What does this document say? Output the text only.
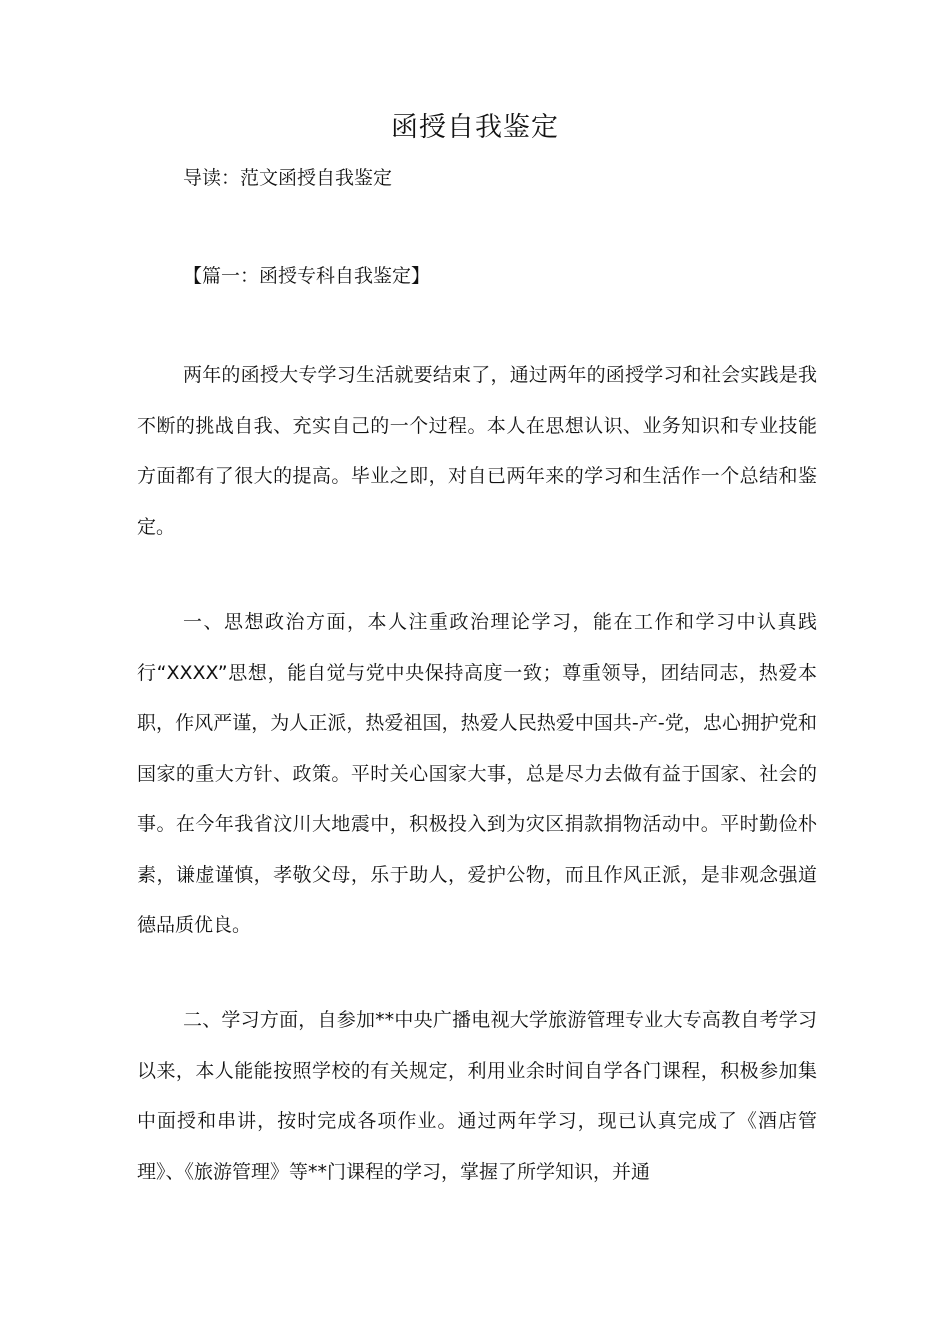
函授自我鉴定
导读：范文函授自我鉴定
【篇一：函授专科自我鉴定】

两年的函授大专学习生活就要结束了，通过两年的函授学习和社会实践是我不断的挑战自我、充实自己的一个过程。本人在思想认识、业务知识和专业技能方面都有了很大的提高。毕业之即，对自已两年来的学习和生活作一个总结和鉴定。

一、思想政治方面，本人注重政治理论学习，能在工作和学习中认真践行“XXXX”思想，能自觉与党中央保持高度一致；尊重领导，团结同志，热爱本职，作风严谨，为人正派，热爱祖国，热爱人民热爱中国共-产-党，忠心拥护党和国家的重大方针、政策。平时关心国家大事，总是尽力去做有益于国家、社会的事。在今年我省汶川大地震中，积极投入到为灾区捐款捐物活动中。平时勤俭朴素，谦虚谨慎，孝敬父母，乐于助人，爱护公物，而且作风正派，是非观念强道德品质优良。

二、学习方面，自参加**中央广播电视大学旅游管理专业大专高教自考学习以来，本人能能按照学校的有关规定，利用业余时间自学各门课程，积极参加集中面授和串讲，按时完成各项作业。通过两年学习，现已认真完成了《酒店管理》、《旅游管理》等**门课程的学习，掌握了所学知识，并通
